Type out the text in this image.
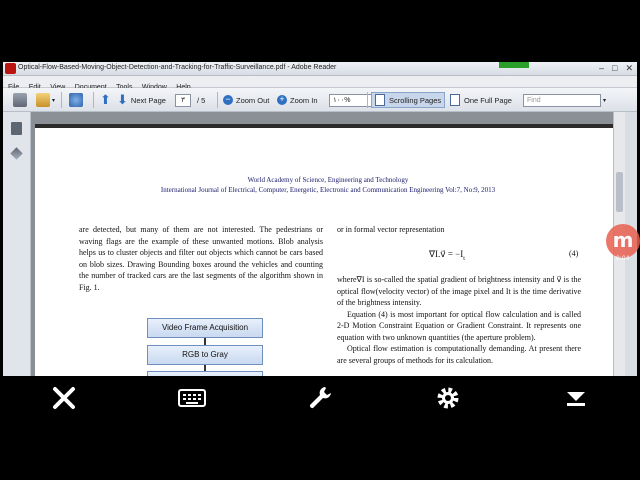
Optical-Flow-Based-Moving-Object-Detection-and-Tracking-for-Traffic-Surveillance.pdf - Adobe Reader	– □ ✕

▾	⬆ ⬇ Next Page	٣	/ 5 − Zoom Out + Zoom In	١٠٠%	Scrolling Pages	One Full Page	Find	▾
World Academy of Science, Engineering and Technology
International Journal of Electrical, Computer, Energetic, Electronic and Communication Engineering Vol:7, No:9, 2013
are detected, but many of them are not interested. The pedestrians or waving flags are the example of these unwanted motions. Blob analysis helps us to cluster objects and filter out objects which cannot be cars based on blob sizes. Drawing Bounding boxes around the vehicles and counting the number of tracked cars are the last segments of the algorithm shown in Fig. 1.
Video Frame Acquisition
RGB to Gray
or in formal vector representation
∇I.v⃗ = $-I_t$
(4)
where∇I is so-called the spatial gradient of brightness intensity and v⃗ is the optical flow(velocity vector) of the image pixel and It is the time derivative of the brightness intensity.
Equation (4) is most important for optical flow calculation and is called 2-D Motion Constraint Equation or Gradient Constraint. It represents one equation with two unknown quantities (the aperture problem).
Optical flow estimation is computationally demanding. At present there are several groups of methods for its calculation.
m
0:04
